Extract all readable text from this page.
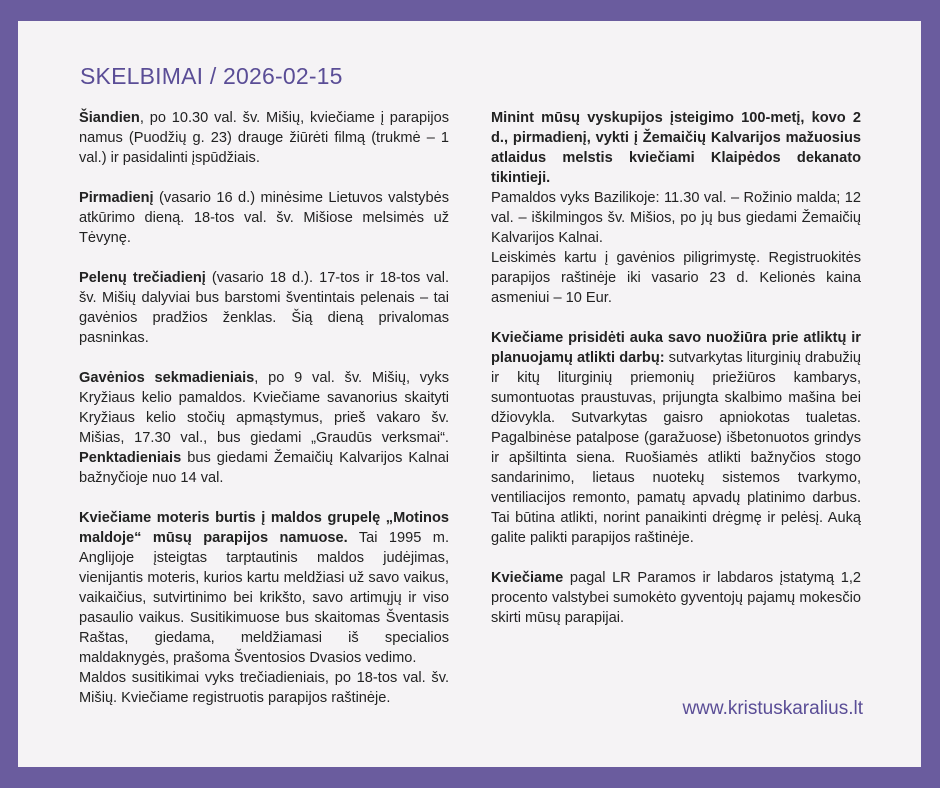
SKELBIMAI / 2026-02-15

Šiandien, po 10.30 val. šv. Mišių, kviečiame į parapijos namus (Puodžių g. 23) drauge žiūrėti filmą (trukmė – 1 val.) ir pasidalinti įspūdžiais.

Pirmadienį (vasario 16 d.) minėsime Lietuvos valstybės atkūrimo dieną. 18-tos val. šv. Mišiose melsimės už Tėvynę.

Pelenų trečiadienį (vasario 18 d.). 17-tos ir 18-tos val. šv. Mišių dalyviai bus barstomi šventintais pelenais – tai gavėnios pradžios ženklas. Šią dieną privalomas pasninkas.

Gavėnios sekmadieniais, po 9 val. šv. Mišių, vyks Kryžiaus kelio pamaldos. Kviečiame savanorius skaityti Kryžiaus kelio stočių apmąstymus, prieš vakaro šv. Mišias, 17.30 val., bus giedami „Graudūs verksmai“. Penktadieniais bus giedami Žemaičių Kalvarijos Kalnai bažnyčioje nuo 14 val.

Kviečiame moteris burtis į maldos grupelę „Motinos maldoje“ mūsų parapijos namuose. Tai 1995 m. Anglijoje įsteigtas tarptautinis maldos judėjimas, vienijantis moteris, kurios kartu meldžiasi už savo vaikus, vaikaičius, sutvirtinimo bei krikšto, savo artimųjų ir viso pasaulio vaikus. Susitikimuose bus skaitomas Šventasis Raštas, giedama, meldžiamasi iš specialios maldaknygės, prašoma Šventosios Dvasios vedimo.

Maldos susitikimai vyks trečiadieniais, po 18-tos val. šv. Mišių. Kviečiame registruotis parapijos raštinėje.

Minint mūsų vyskupijos įsteigimo 100-metį, kovo 2 d., pirmadienį, vykti į Žemaičių Kalvarijos mažuosius atlaidus melstis kviečiami Klaipėdos dekanato tikintieji.

Pamaldos vyks Bazilikoje: 11.30 val. – Rožinio malda; 12 val. – iškilmingos šv. Mišios, po jų bus giedami Žemaičių Kalvarijos Kalnai.

Leiskimės kartu į gavėnios piligrimystę. Registruokitės parapijos raštinėje iki vasario 23 d. Kelionės kaina asmeniui – 10 Eur.

Kviečiame prisidėti auka savo nuožiūra prie atliktų ir planuojamų atlikti darbų: sutvarkytas liturginių drabužių ir kitų liturginių priemonių priežiūros kambarys, sumontuotas praustuvas, prijungta skalbimo mašina bei džiovykla. Sutvarkytas gaisro apniokotas tualetas. Pagalbinėse patalpose (garažuose) išbetonuotos grindys ir apšiltinta siena. Ruošiamės atlikti bažnyčios stogo sandarinimo, lietaus nuotekų sistemos tvarkymo, ventiliacijos remonto, pamatų apvadų platinimo darbus. Tai būtina atlikti, norint panaikinti drėgmę ir pelėsį. Auką galite palikti parapijos raštinėje.

Kviečiame pagal LR Paramos ir labdaros įstatymą 1,2 procento valstybei sumokėto gyventojų pajamų mokesčio skirti mūsų parapijai.

www.kristuskaralius.lt
